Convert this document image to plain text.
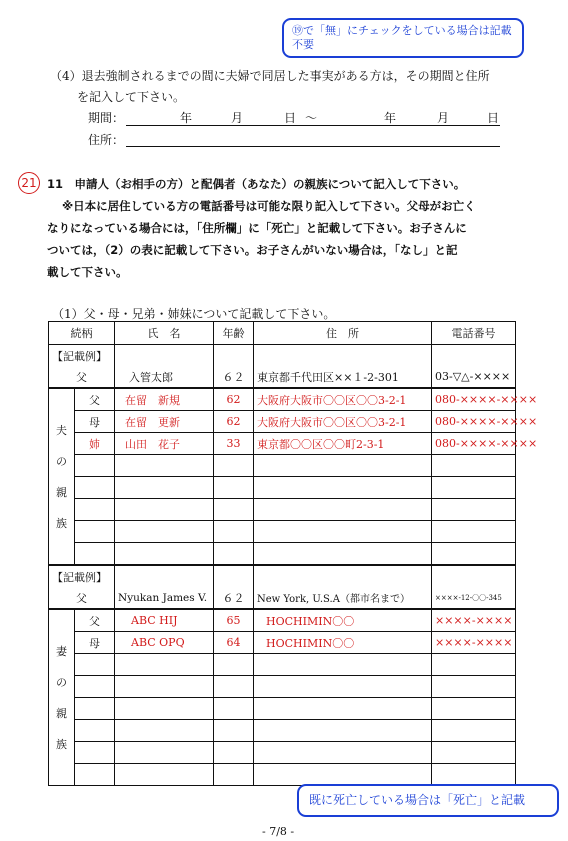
⑲で「無」にチェックをしている場合は記載不要
（4）退去強制されるまでの間に夫婦で同居した事実がある方は，その期間と住所
を記入して下さい。
期間：	年	月	日 ～	年	月	日
住所：
21 11　申請人（お相手の方）と配偶者（あなた）の親族について記入して下さい。
※日本に居住している方の電話番号は可能な限り記入して下さい。父母がお亡く
なりになっている場合には，「住所欄」に「死亡」と記載して下さい。お子さんに
ついては，（2）の表に記載して下さい。お子さんがいない場合は，「なし」と記
載して下さい。
（1）父・母・兄弟・姉妹について記載して下さい。
続柄		氏　名	年齢	住　所	電話番号
【記載例】					
父		入管太郎	６２	東京都千代田区××１-2-301	03-▽△-××××
夫の親族	父	在留　新規	62	大阪府大阪市〇〇区〇〇3-2-1	080-××××-××××
	母	在留　更新	62	大阪府大阪市〇〇区〇〇3-2-1	080-××××-××××
	姉	山田　花子	33	東京都〇〇区〇〇町2-3-1	080-××××-××××

【記載例】					
父		Nyukan James V.	６２	New York, U.S.A（都市名まで）	××××-12-〇〇-345
妻の親族	父	ABC HIJ	65	HOCHIMIN〇〇	××××-××××
	母	ABC OPQ	64	HOCHIMIN〇〇	××××-××××

既に死亡している場合は「死亡」と記載
- 7/8 -
